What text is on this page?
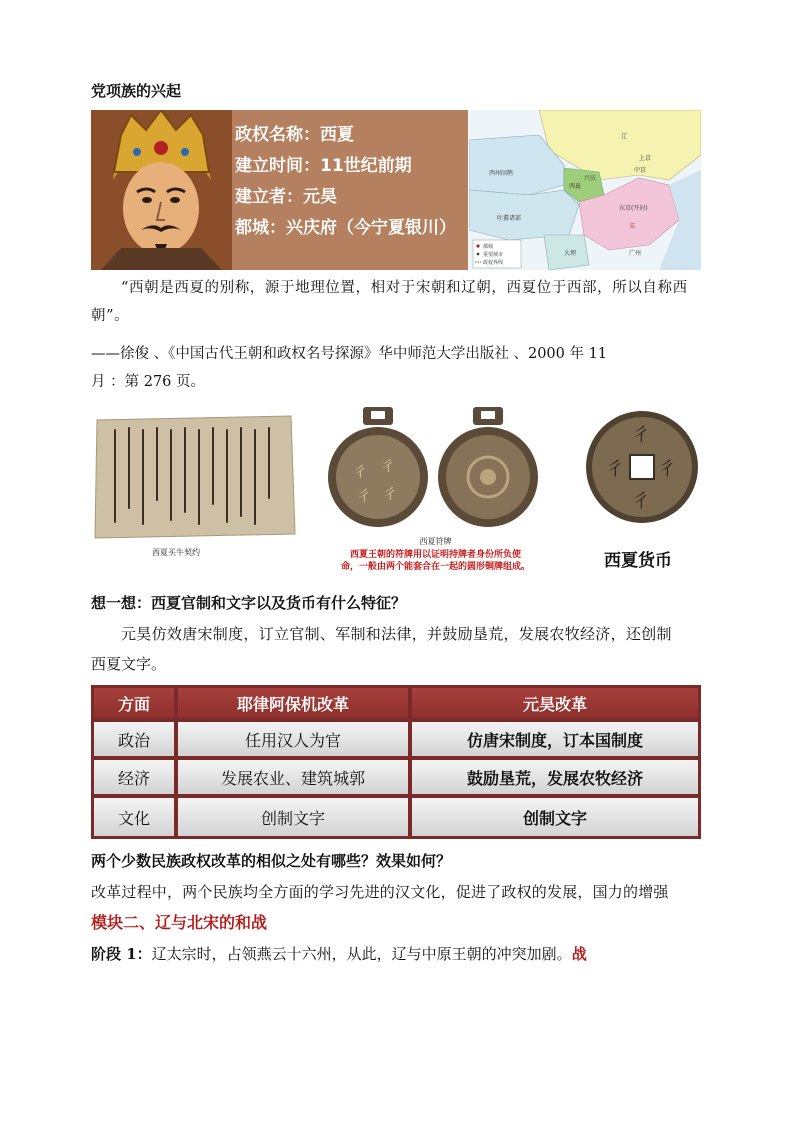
党项族的兴起
政权名称：西夏
建立时间：11世纪前期
建立者：元昊
都城：兴庆府（今宁夏银川）
西州回鹘
吐蕃诸部
西夏
兴庆
辽
上京
中京
东京(开封)
宋
大理	广州
都城
重要城市
政权界线
“西朝是西夏的别称，源于地理位置，相对于宋朝和辽朝，西夏位于西部，所以自称西朝”。
——徐俊 、《中国古代王朝和政权名号探源》华中师范大学出版社 、2000 年 11
月 ：第 276 页。
西夏买牛契约
彳 彳
彳 彳
西夏符牌
西夏王朝的符牌用以证明持牌者身份所负使
命，一般由两个能套合在一起的圆形铜牌组成。
彳
彳
彳
彳
西夏货币
想一想：西夏官制和文字以及货币有什么特征？
元昊仿效唐宋制度，订立官制、军制和法律，并鼓励垦荒，发展农牧经济，还创制
西夏文字。
方面	耶律阿保机改革	元昊改革
政治	任用汉人为官	仿唐宋制度，订本国制度
经济	发展农业、建筑城郭	鼓励垦荒，发展农牧经济
文化	创制文字	创制文字
两个少数民族政权改革的相似之处有哪些？效果如何？
改革过程中，两个民族均全方面的学习先进的汉文化，促进了政权的发展，国力的增强
模块二、辽与北宋的和战
阶段 1：辽太宗时，占领燕云十六州，从此，辽与中原王朝的冲突加剧。战
